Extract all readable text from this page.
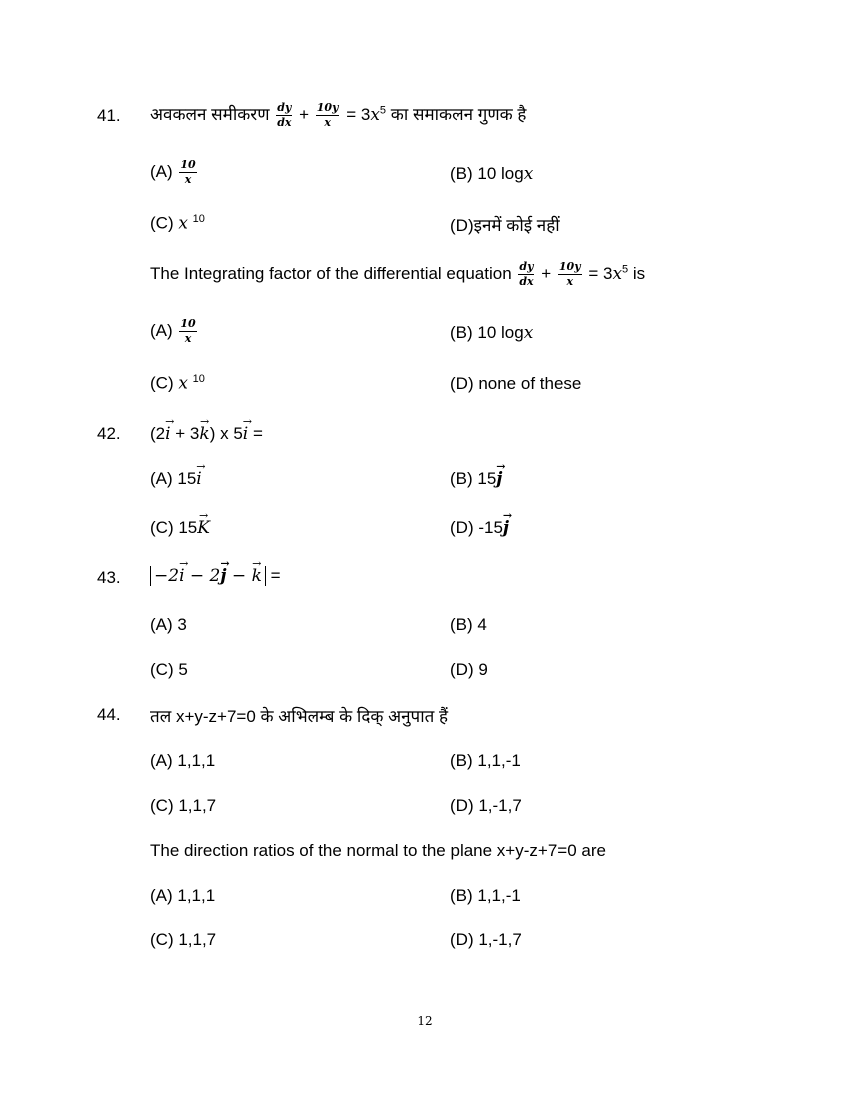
41. अवकलन समीकरण $\frac{dy}{dx} + \frac{10y}{x} = 3x^5$ का समाकलन गुणक है
$(A) \frac{10}{x}$	(B) 10 logx
(C) x $^{10}$	(D)इनमें कोई नहीं
The Integrating factor of the differential equation $\frac{dy}{dx} + \frac{10y}{x} = 3x^5$ is
$(A) \frac{10}{x}$	(B) 10 logx
(C) x $^{10}$	(D) none of these
42. (2i → + 3k →) x 5i → =
(A) 15i →	(B) 15j →
(C) 15K →	(D) -15j →
43. −2i → − 2j → − k → =
(A) 3	(B) 4
(C) 5	(D) 9
44. तल x+y-z+7=0 के अभिलम्ब के दिक् अनुपात हैं
(A) 1,1,1	(B) 1,1,-1
(C) 1,1,7	(D) 1,-1,7
The direction ratios of the normal to the plane x+y-z+7=0 are
(A) 1,1,1	(B) 1,1,-1
(C) 1,1,7	(D) 1,-1,7
12
